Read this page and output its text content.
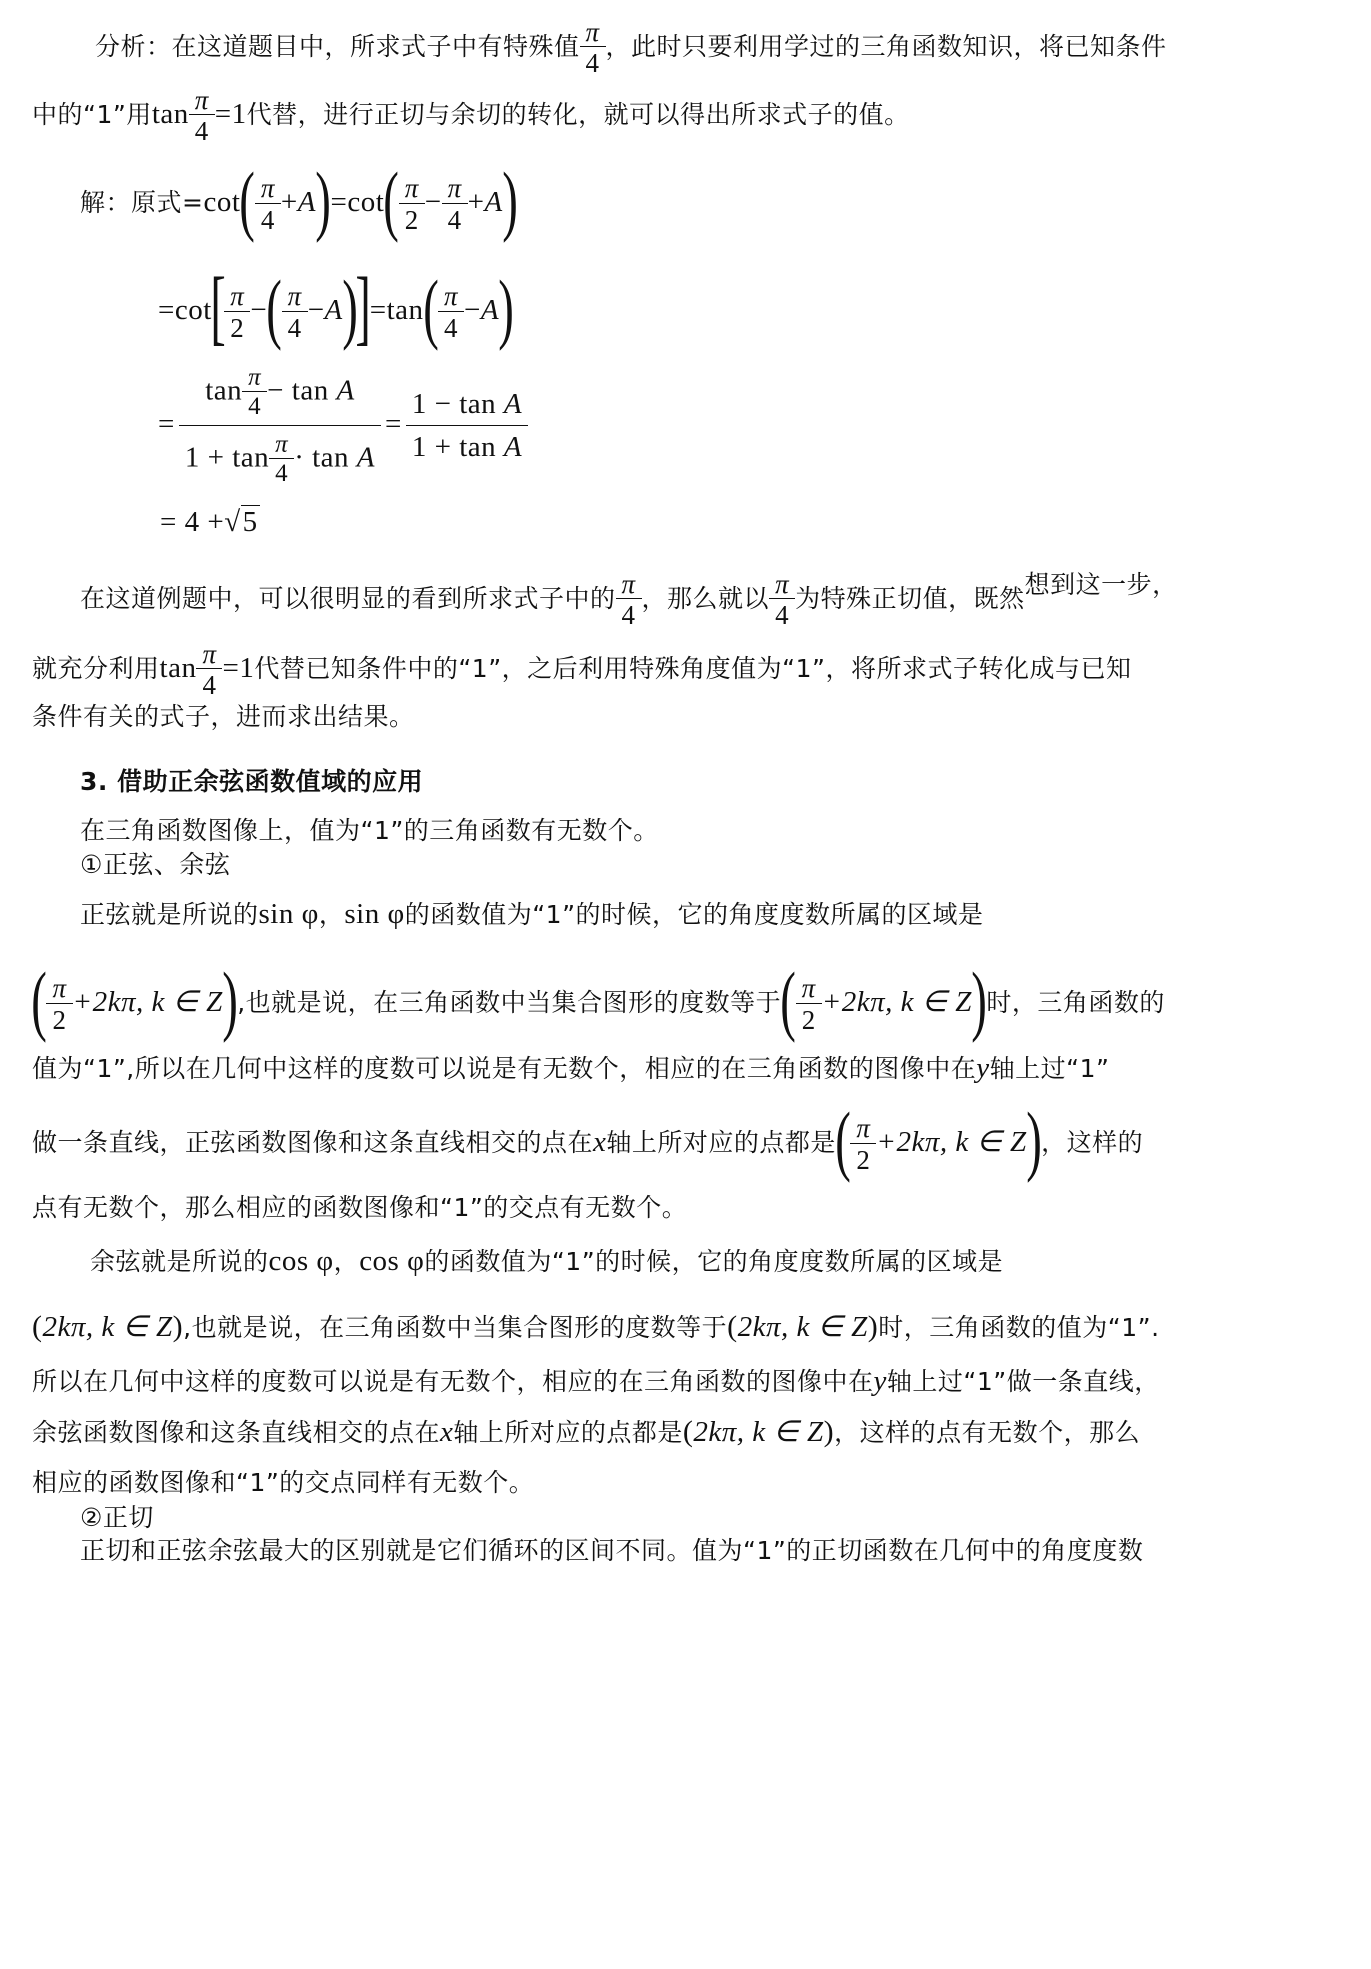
分析：在这道题目中，所求式子中有特殊值 $\frac{\pi}{4}$ ，此时只要利用学过的三角函数知识，将已知条件
中的“1”用$\tan \frac{\pi}{4} =1$代替，进行正切与余切的转化，就可以得出所求式子的值。
解：原式$=\cot( \frac{\pi}{4} +A)=\cot( \frac{\pi}{2} - \frac{\pi}{4} +A)$
$=\cot[ \frac{\pi}{2}$ −( $\frac{\pi}{4} -A)]=\tan( \frac{\pi}{4} -A)$
= $\frac{\tan \frac{\pi}{4} - \tan A}{1 + \tan \frac{\pi}{4} \cdot \tan A} = \frac{\text{1 − tan A}}{\text{1 + tan A}}$
= 4 +√5
在这道例题中，可以很明显的看到所求式子中的 $\frac{\pi}{4}$ ，那么就以 $\frac{\pi}{4}$ 为特殊正切值，既然想到这一步，
就充分利用$\tan \frac{\pi}{4} =1$代替已知条件中的“1”，之后利用特殊角度值为“1”，将所求式子转化成与已知
条件有关的式子，进而求出结果。
3. 借助正余弦函数值域的应用
在三角函数图像上，值为“1”的三角函数有无数个。
①正弦、余弦
正弦就是所说的sin φ，sin φ的函数值为“1”的时候，它的角度度数所属的区域是
( $\frac{\pi}{2} +2k\pi$, k ∈ Z),也就是说，在三角函数中当集合图形的度数等于( $\frac{\pi}{2} +2k\pi$, k ∈ Z)时，三角函数的
值为“1”,所以在几何中这样的度数可以说是有无数个，相应的在三角函数的图像中在y轴上过“1”
做一条直线，正弦函数图像和这条直线相交的点在x轴上所对应的点都是( $\frac{\pi}{2} +2k\pi$, k ∈ Z)，这样的
点有无数个，那么相应的函数图像和“1”的交点有无数个。
余弦就是所说的cos φ，cos φ的函数值为“1”的时候，它的角度度数所属的区域是
(2kπ, k ∈ Z),也就是说，在三角函数中当集合图形的度数等于(2kπ, k ∈ Z)时，三角函数的值为“1”.
所以在几何中这样的度数可以说是有无数个，相应的在三角函数的图像中在y轴上过“1”做一条直线，
余弦函数图像和这条直线相交的点在x轴上所对应的点都是(2kπ, k ∈ Z)，这样的点有无数个，那么
相应的函数图像和“1”的交点同样有无数个。
②正切
正切和正弦余弦最大的区别就是它们循环的区间不同。值为“1”的正切函数在几何中的角度度数
